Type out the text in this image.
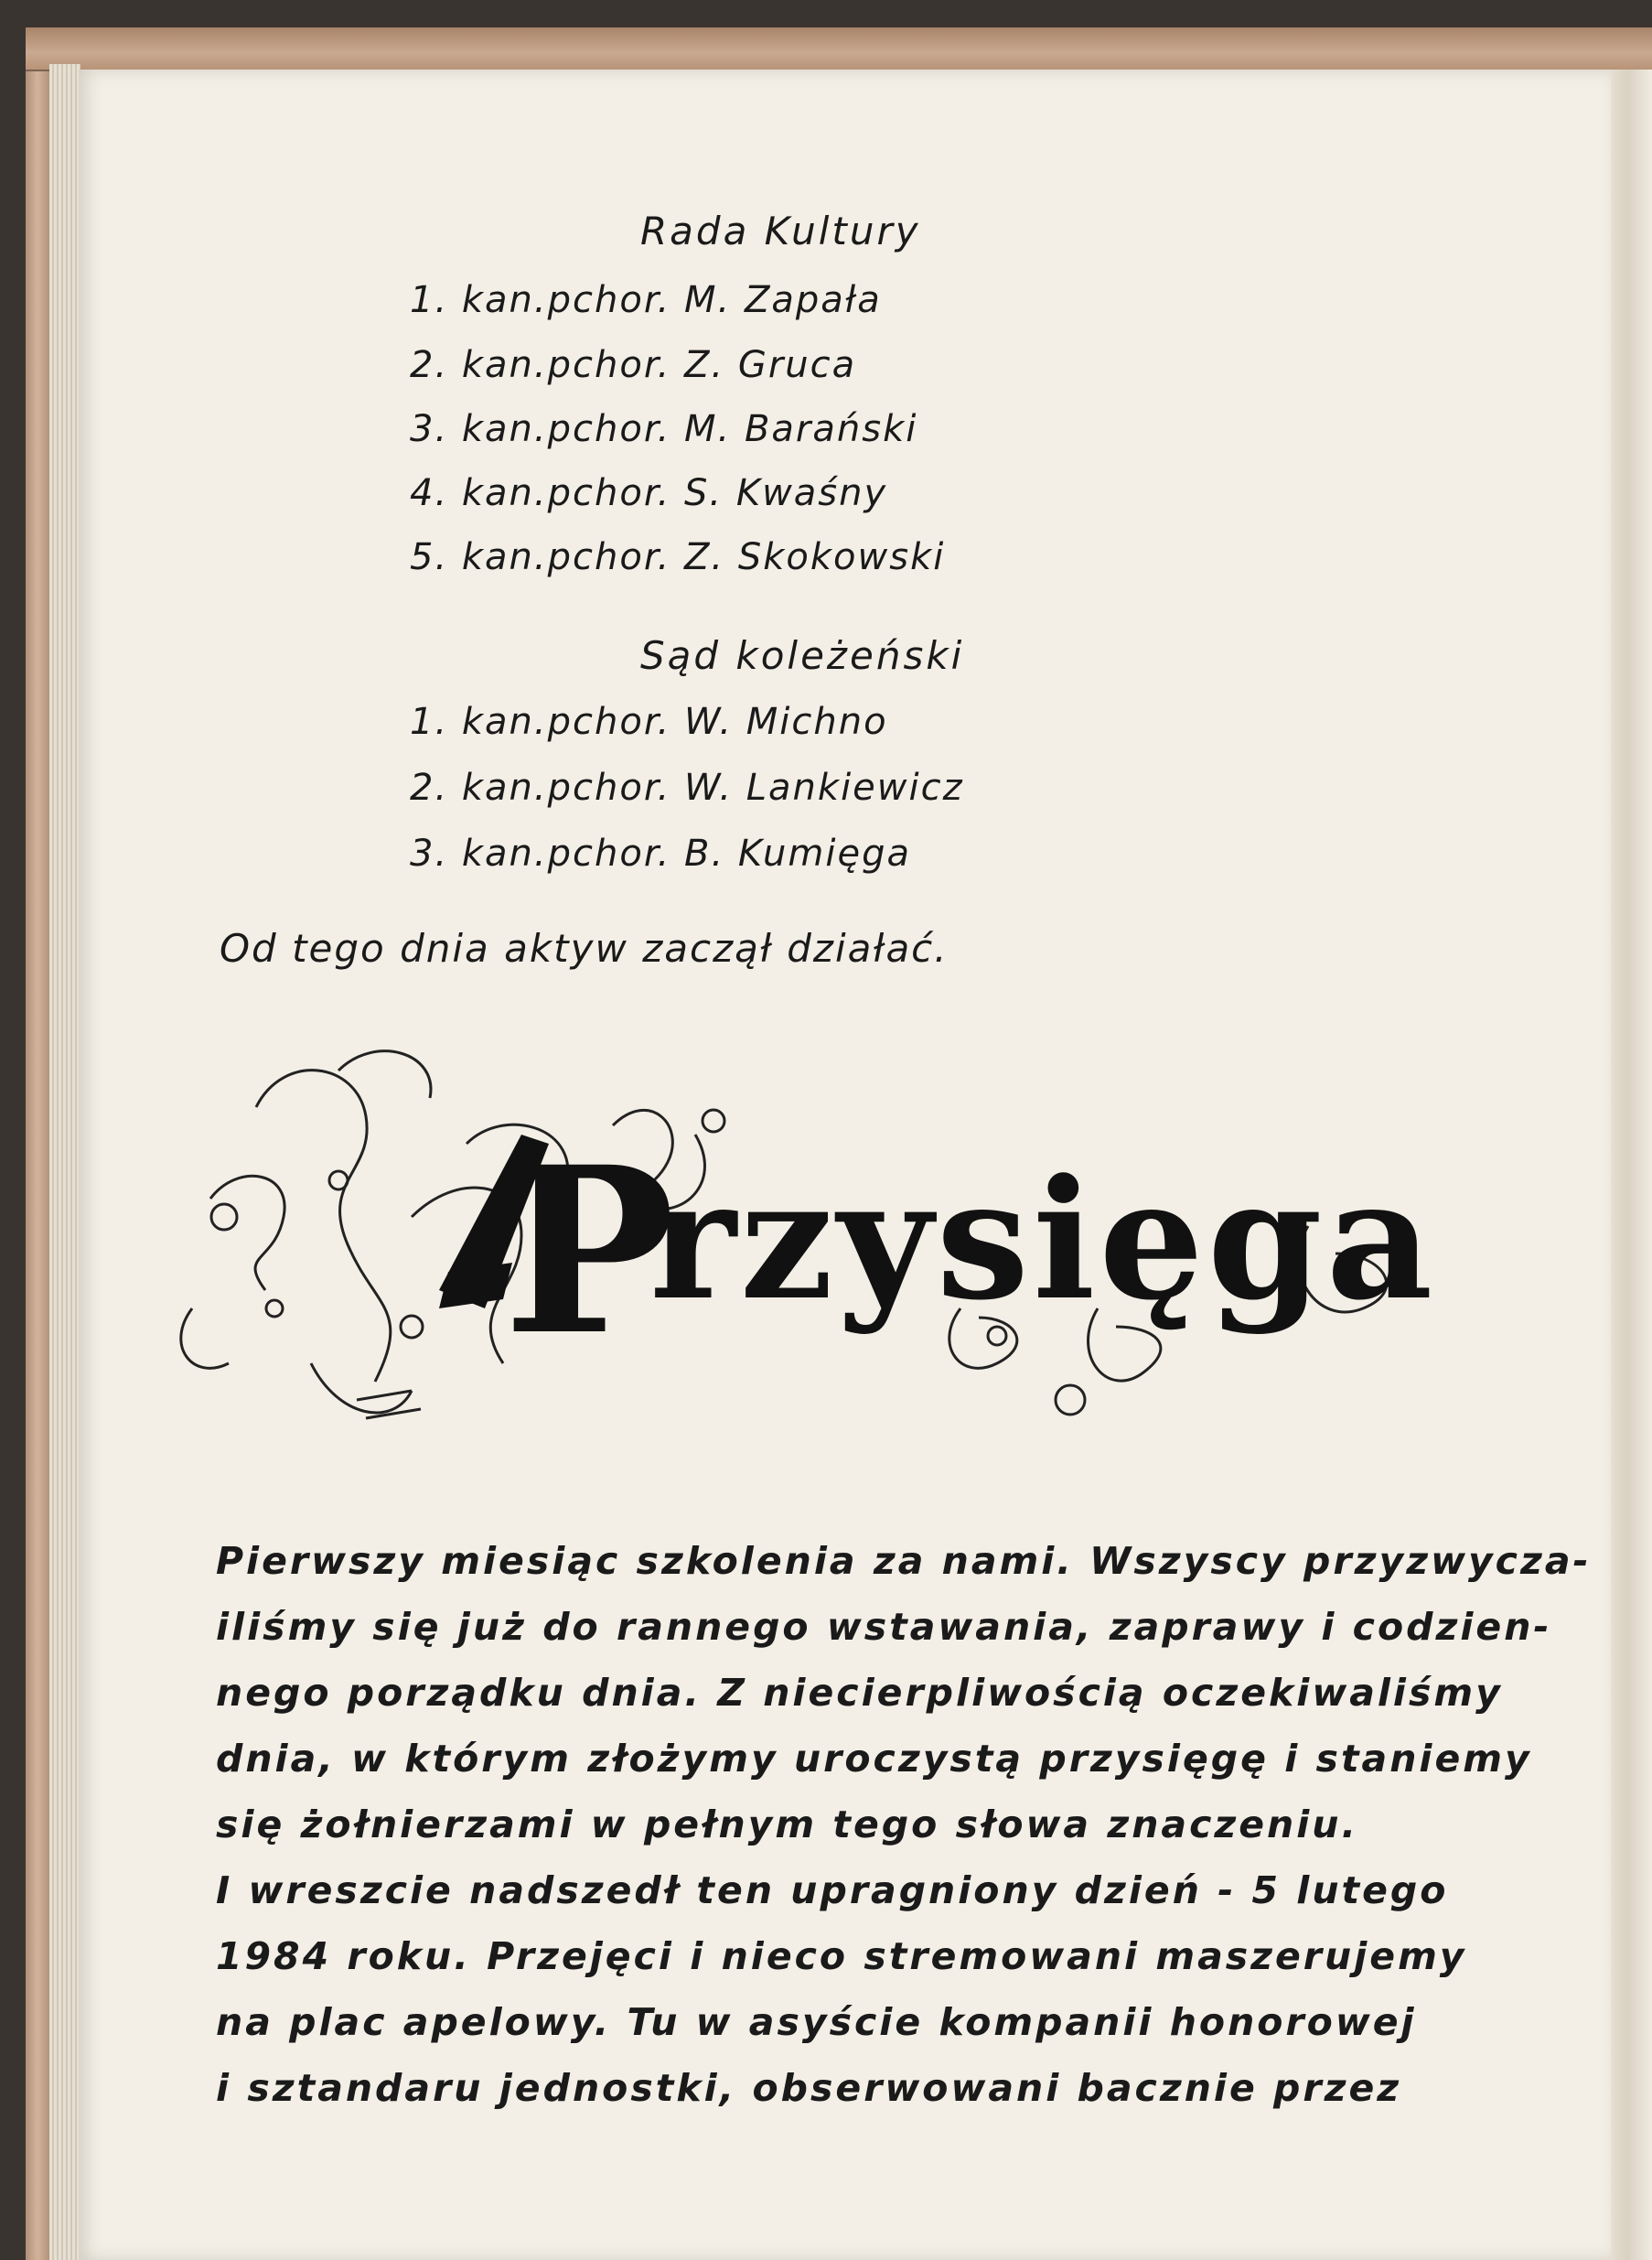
Rada Kultury
1. kan.pchor. M. Zapała
2. kan.pchor. Z. Gruca
3. kan.pchor. M. Barański
4. kan.pchor. S. Kwaśny
5. kan.pchor. Z. Skokowski
Sąd koleżeński
1. kan.pchor. W. Michno
2. kan.pchor. W. Lankiewicz
3. kan.pchor. B. Kumięga
Od tego dnia aktyw zaczął działać.
P
rzysięga
Pierwszy miesiąc szkolenia za nami. Wszyscy przyzwycza-
iliśmy się już do rannego wstawania, zaprawy i codzien-
nego porządku dnia. Z niecierpliwością oczekiwaliśmy
dnia, w którym złożymy uroczystą przysięgę i staniemy
się żołnierzami w pełnym tego słowa znaczeniu.
I wreszcie nadszedł ten upragniony dzień - 5 lutego
1984 roku. Przejęci i nieco stremowani maszerujemy
na plac apelowy. Tu w asyście kompanii honorowej
i sztandaru jednostki, obserwowani bacznie przez
